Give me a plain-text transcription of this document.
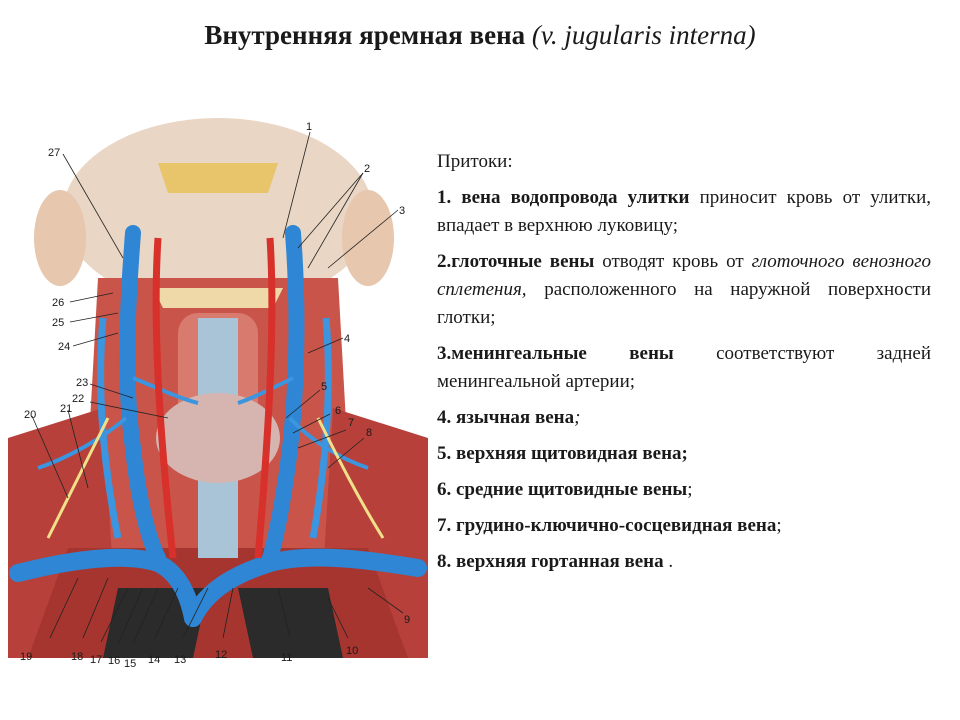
Внутренняя яремная вена (v. jugularis interna)
1
2
3
4
5
6
7
8
9
10
11
12
13
14
15
16
17
18
19
20 21
22
23
24
25
26
27	Притоки:

1. вена водопровода улитки приносит кровь от улитки, впадает в верхнюю луковицу;

2.глоточные вены отводят кровь от глоточного венозного сплетения, расположенного на наружной поверхности глотки;

3.менингеальные вены соответствуют задней менингеальной артерии;

4. язычная вена;

5. верхняя щитовидная вена;

6. средние щитовидные вены;

7. грудино-ключично-сосцевидная вена;

8. верхняя гортанная вена .
